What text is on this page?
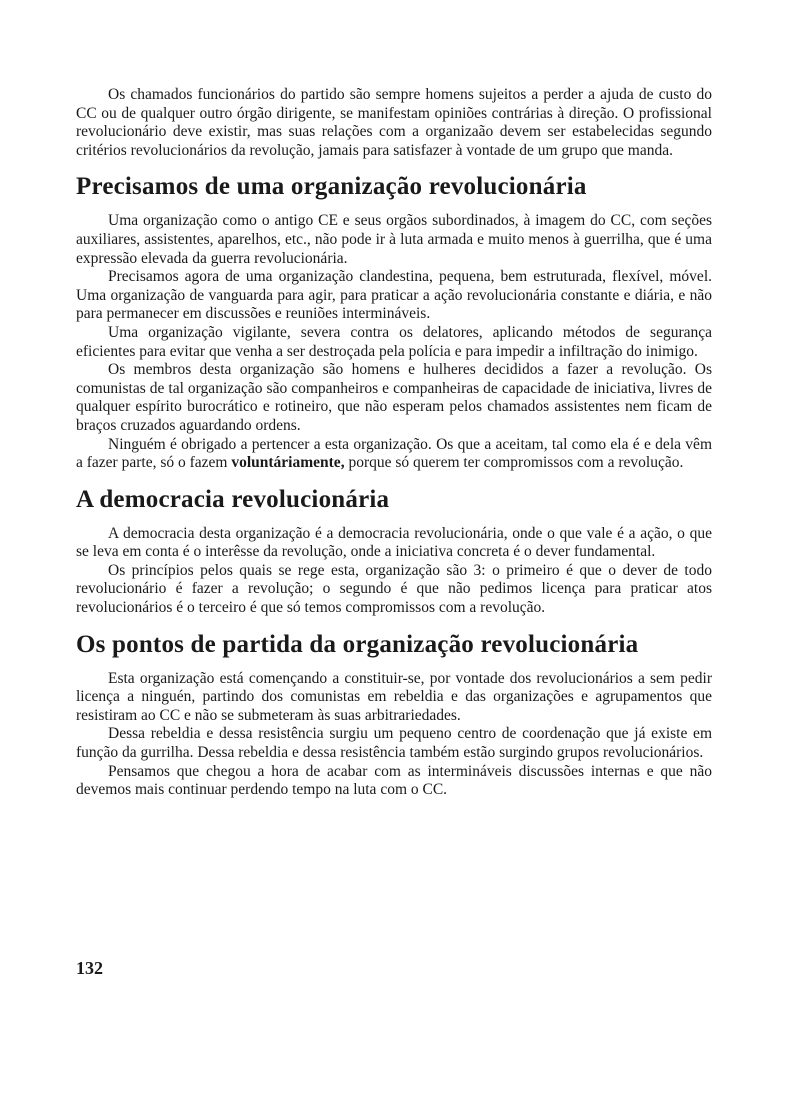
Os chamados funcionários do partido são sempre homens sujeitos a perder a ajuda de custo do CC ou de qualquer outro órgão dirigente, se manifestam opiniões contrárias à direção. O profissional revolucionário deve existir, mas suas relações com a organizaão devem ser estabelecidas segundo critérios revolucionários da revolução, jamais para satisfazer à vontade de um grupo que manda.

Precisamos de uma organização revolucionária

Uma organização como o antigo CE e seus orgãos subordinados, à imagem do CC, com seções auxiliares, assistentes, aparelhos, etc., não pode ir à luta armada e muito menos à guerrilha, que é uma expressão elevada da guerra revolucionária.

Precisamos agora de uma organização clandestina, pequena, bem estruturada, flexível, móvel. Uma organização de vanguarda para agir, para praticar a ação revolucionária constante e diária, e não para permanecer em discussões e reuniões intermináveis.

Uma organização vigilante, severa contra os delatores, aplicando métodos de segurança eficientes para evitar que venha a ser destroçada pela polícia e para impedir a infiltração do inimigo.

Os membros desta organização são homens e hulheres decididos a fazer a revolução. Os comunistas de tal organização são companheiros e companheiras de capacidade de iniciativa, livres de qualquer espírito burocrático e rotineiro, que não esperam pelos chamados assistentes nem ficam de braços cruzados aguardando ordens.

Ninguém é obrigado a pertencer a esta organização. Os que a aceitam, tal como ela é e dela vêm a fazer parte, só o fazem voluntáriamente, porque só querem ter compromissos com a revolução.

A democracia revolucionária

A democracia desta organização é a democracia revolucionária, onde o que vale é a ação, o que se leva em conta é o interêsse da revolução, onde a iniciativa concreta é o dever fundamental.

Os princípios pelos quais se rege esta, organização são 3: o primeiro é que o dever de todo revolucionário é fazer a revolução; o segundo é que não pedimos licença para praticar atos revolucionários é o terceiro é que só temos compromissos com a revolução.

Os pontos de partida da organização revolucionária

Esta organização está començando a constituir-se, por vontade dos revolucionários a sem pedir licença a ninguén, partindo dos comunistas em rebeldia e das organizações e agrupamentos que resistiram ao CC e não se submeteram às suas arbitrariedades.

Dessa rebeldia e dessa resistência surgiu um pequeno centro de coordenação que já existe em função da gurrilha. Dessa rebeldia e dessa resistência também estão surgindo grupos revolucionários.

Pensamos que chegou a hora de acabar com as intermináveis discussões internas e que não devemos mais continuar perdendo tempo na luta com o CC.

132
